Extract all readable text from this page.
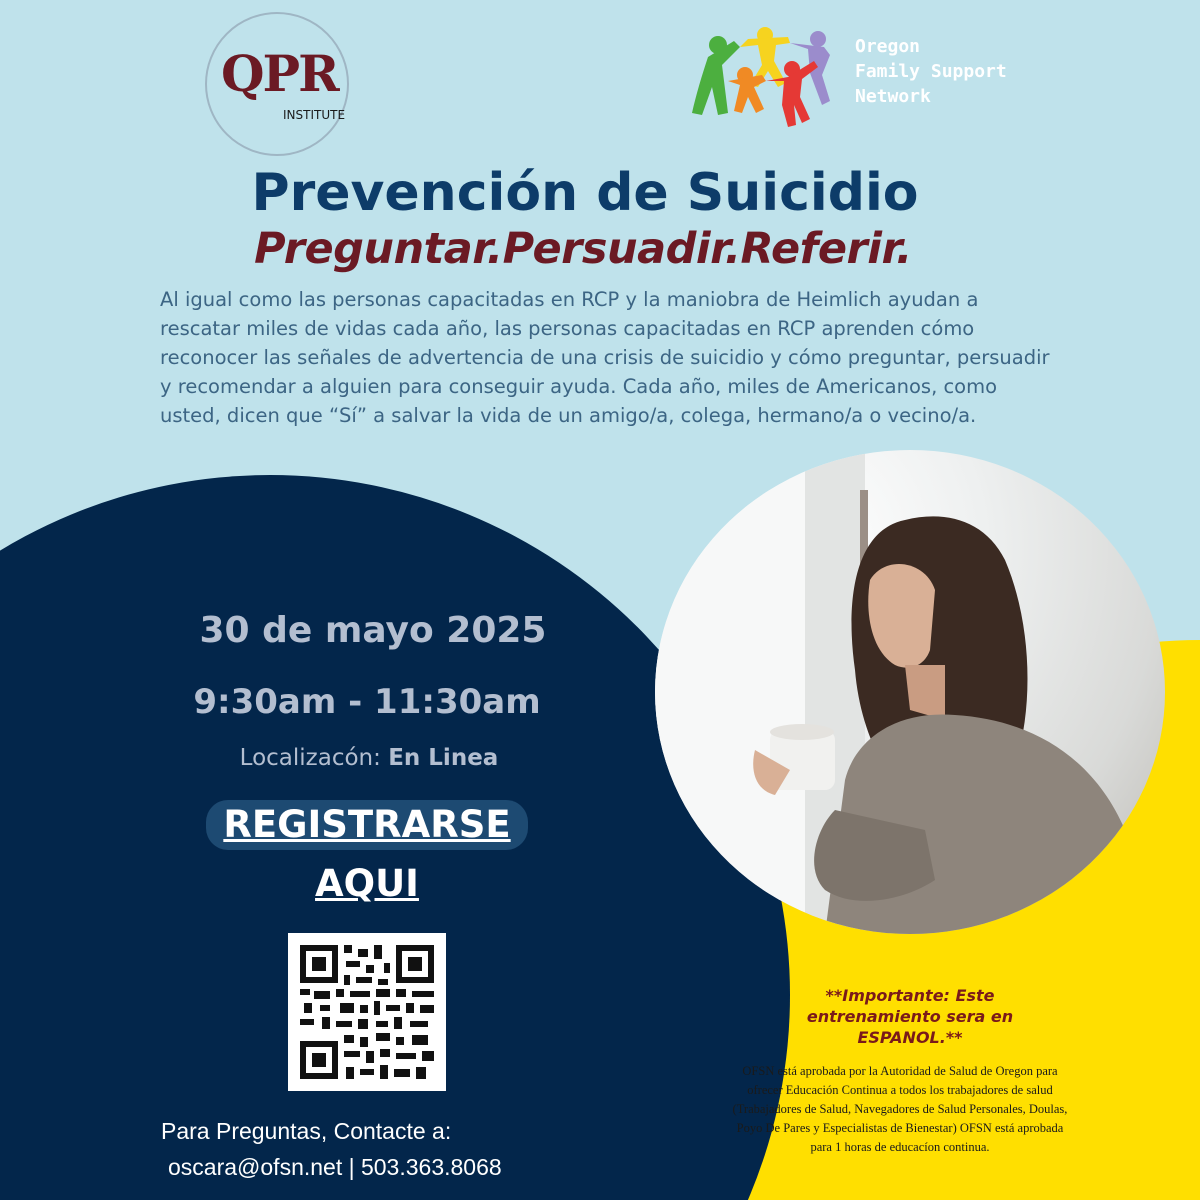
QPR
INSTITUTE
Oregon
Family Support
Network
Prevención de Suicidio
Preguntar.Persuadir.Referir.
Al igual como las personas capacitadas en RCP y la maniobra de Heimlich ayudan a rescatar miles de vidas cada año, las personas capacitadas en RCP aprenden cómo reconocer las señales de advertencia de una crisis de suicidio y cómo preguntar, persuadir y recomendar a alguien para conseguir ayuda. Cada año, miles de Americanos, como usted, dicen que “Sí” a salvar la vida de un amigo/a, colega, hermano/a o vecino/a.
30 de mayo 2025
9:30am - 11:30am
Localizacón: En Linea
REGISTRARSE
AQUI
Para Preguntas, Contacte a:
oscara@ofsn.net | 503.363.8068
**Importante: Este entrenamiento sera en ESPANOL.**
OFSN está aprobada por la Autoridad de Salud de Oregon para ofrecer Educación Continua a todos los trabajadores de salud (Trabajadores de Salud, Navegadores de Salud Personales, Doulas, Poyo De Pares y Especialistas de Bienestar) OFSN está aprobada para 1 horas de educacíon continua.
